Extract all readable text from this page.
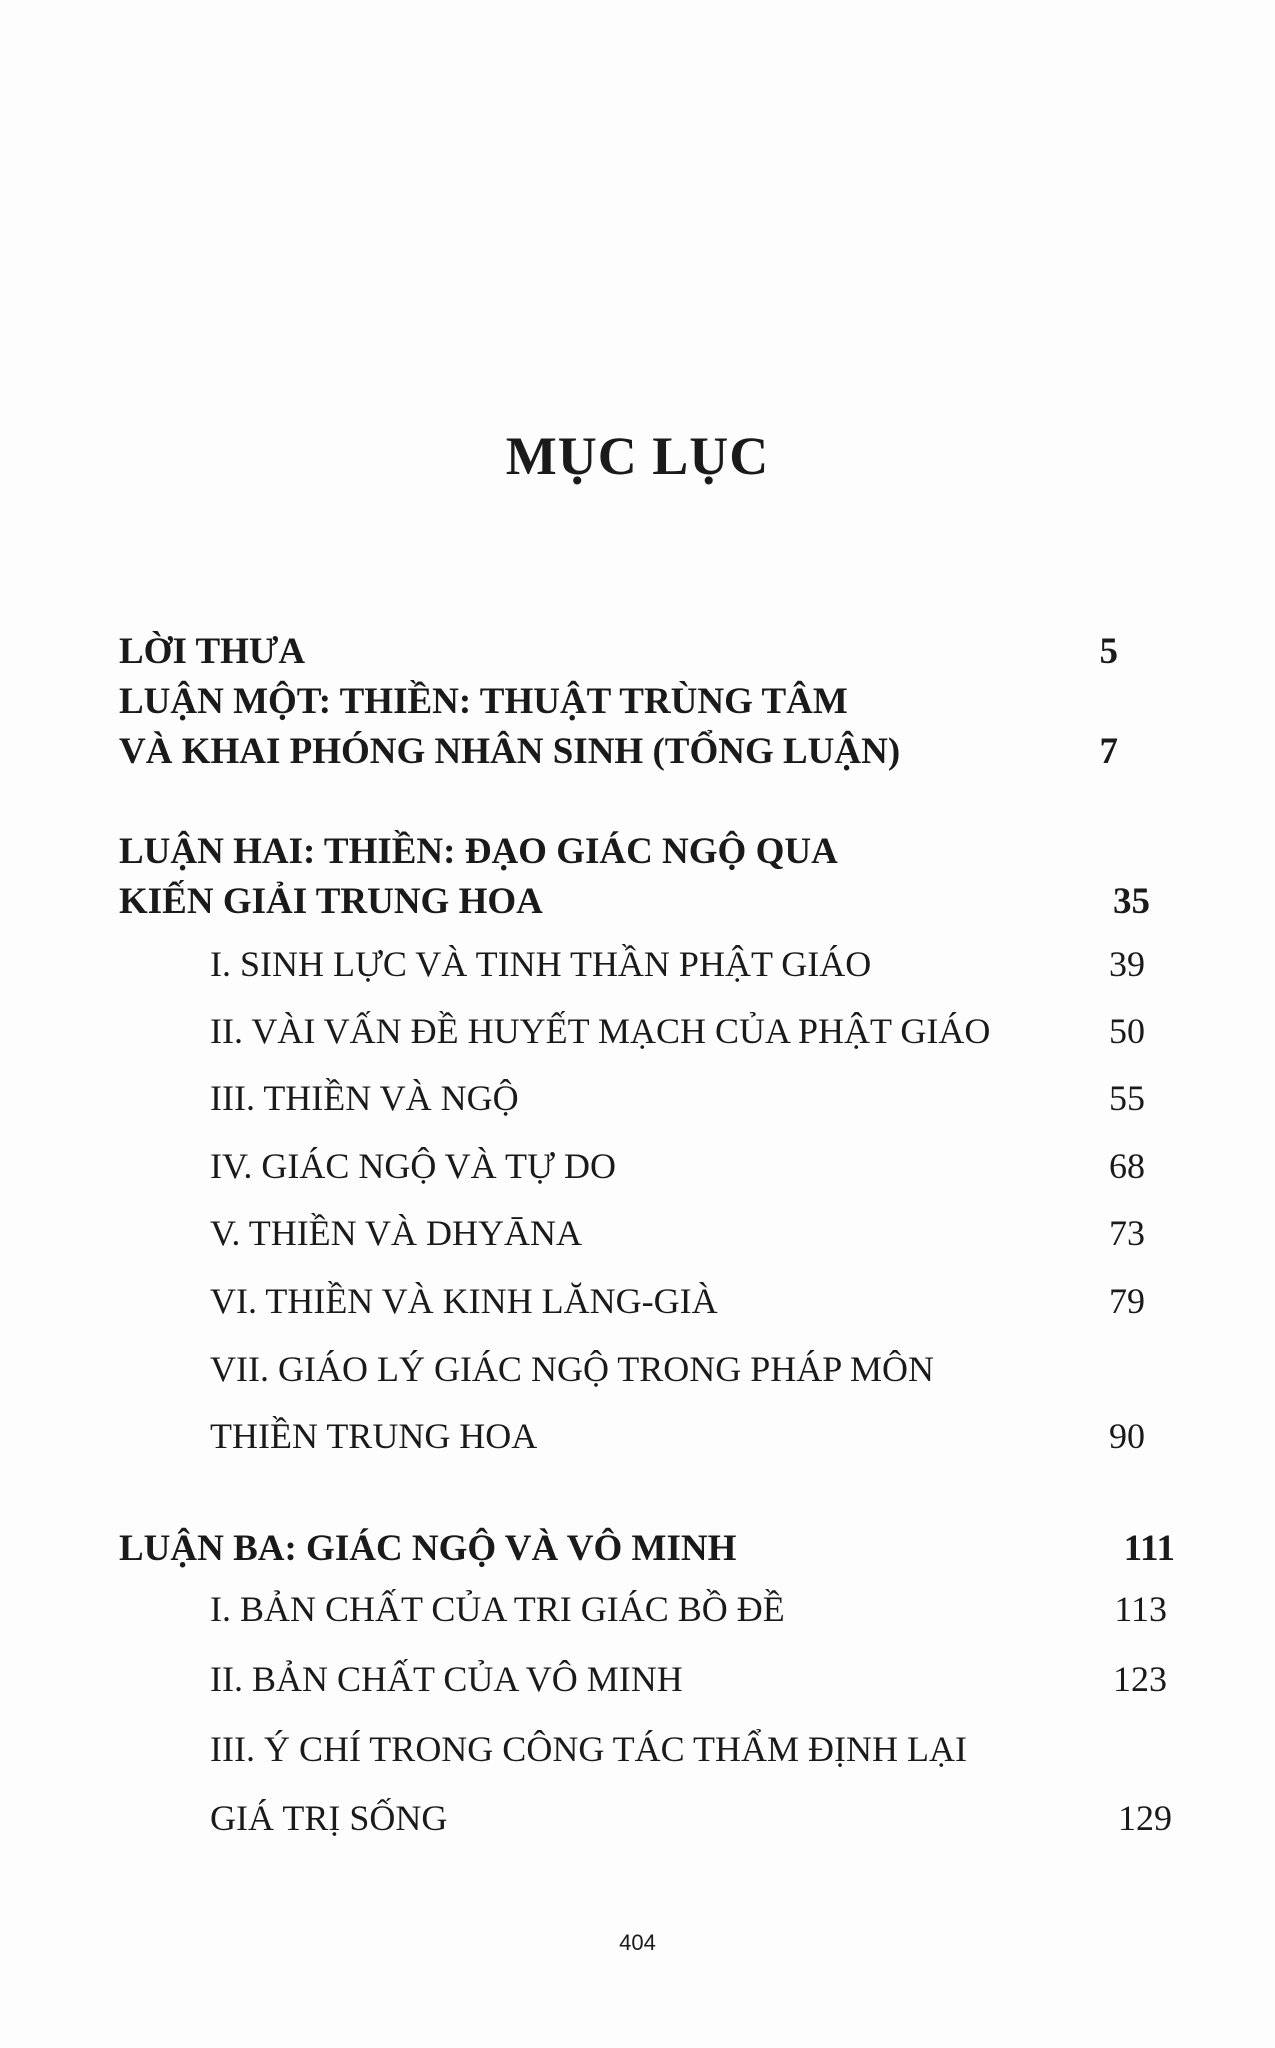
MỤC LỤC
LỜI THƯA	5
LUẬN MỘT: THIỀN: THUẬT TRÙNG TÂM
VÀ KHAI PHÓNG NHÂN SINH (TỔNG LUẬN)	7
LUẬN HAI: THIỀN: ĐẠO GIÁC NGỘ QUA
KIẾN GIẢI TRUNG HOA	35
I. SINH LỰC VÀ TINH THẦN PHẬT GIÁO	39
II. VÀI VẤN ĐỀ HUYẾT MẠCH CỦA PHẬT GIÁO	50
III. THIỀN VÀ NGỘ	55
IV. GIÁC NGỘ VÀ TỰ DO	68
V. THIỀN VÀ DHYĀNA	73
VI. THIỀN VÀ KINH LĂNG-GIÀ	79
VII. GIÁO LÝ GIÁC NGỘ TRONG PHÁP MÔN
THIỀN TRUNG HOA	90
LUẬN BA: GIÁC NGỘ VÀ VÔ MINH	111
I. BẢN CHẤT CỦA TRI GIÁC BỒ ĐỀ	113
II. BẢN CHẤT CỦA VÔ MINH	123
III. Ý CHÍ TRONG CÔNG TÁC THẨM ĐỊNH LẠI
GIÁ TRỊ SỐNG	129
404
